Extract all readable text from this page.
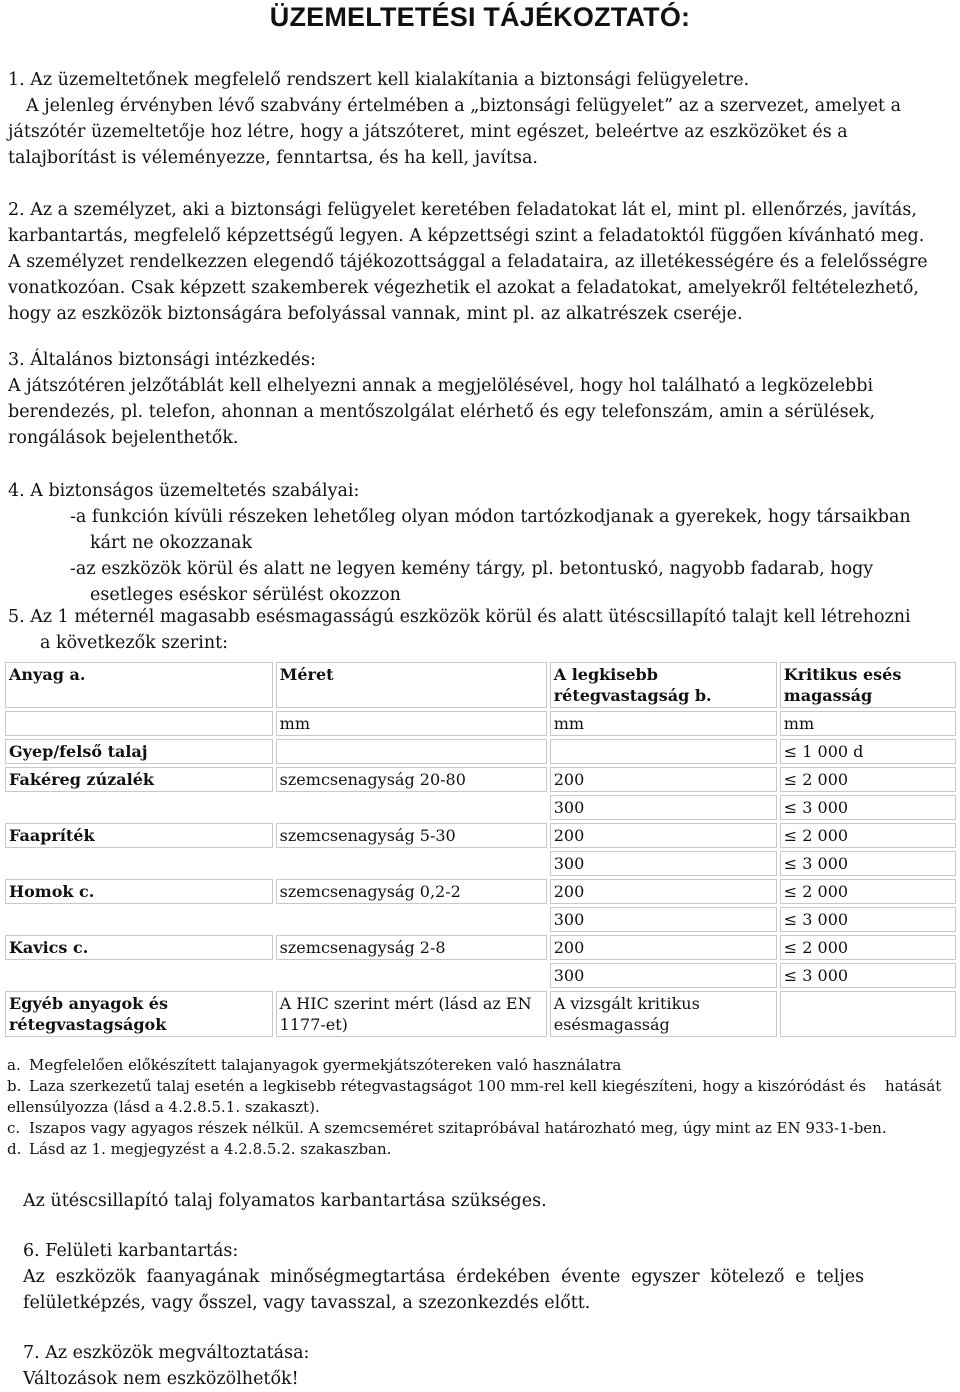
ÜZEMELTETÉSI TÁJÉKOZTATÓ:
1. Az üzemeltetőnek megfelelő rendszert kell kialakítania a biztonsági felügyeletre.
A jelenleg érvényben lévő szabvány értelmében a „biztonsági felügyelet” az a szervezet, amelyet a
játszótér üzemeltetője hoz létre, hogy a játszóteret, mint egészet, beleértve az eszközöket és a
talajborítást is véleményezze, fenntartsa, és ha kell, javítsa.
2. Az a személyzet, aki a biztonsági felügyelet keretében feladatokat lát el, mint pl. ellenőrzés, javítás,
karbantartás, megfelelő képzettségű legyen. A képzettségi szint a feladatoktól függően kívánható meg.
A személyzet rendelkezzen elegendő tájékozottsággal a feladataira, az illetékességére és a felelősségre
vonatkozóan. Csak képzett szakemberek végezhetik el azokat a feladatokat, amelyekről feltételezhető,
hogy az eszközök biztonságára befolyással vannak, mint pl. az alkatrészek cseréje.
3. Általános biztonsági intézkedés:
A játszótéren jelzőtáblát kell elhelyezni annak a megjelölésével, hogy hol található a legközelebbi
berendezés, pl. telefon, ahonnan a mentőszolgálat elérhető és egy telefonszám, amin a sérülések,
rongálások bejelenthetők.
4. A biztonságos üzemeltetés szabályai:
-a funkción kívüli részeken lehetőleg olyan módon tartózkodjanak a gyerekek, hogy társaikban
kárt ne okozzanak
-az eszközök körül és alatt ne legyen kemény tárgy, pl. betontuskó, nagyobb fadarab, hogy
esetleges eséskor sérülést okozzon
5. Az 1 méternél magasabb esésmagasságú eszközök körül és alatt ütéscsillapító talajt kell létrehozni
a következők szerint:
Anyag a.	Méret	A legkisebb rétegvastagság b.	Kritikus esés magasság
	mm	mm	mm
Gyep/felső talaj			≤ 1 000 d
Fakéreg zúzalék	szemcsenagyság 20-80	200	≤ 2 000
		300	≤ 3 000
Faapríték	szemcsenagyság 5-30	200	≤ 2 000
		300	≤ 3 000
Homok c.	szemcsenagyság 0,2-2	200	≤ 2 000
		300	≤ 3 000
Kavics c.	szemcsenagyság 2-8	200	≤ 2 000
		300	≤ 3 000
Egyéb anyagok és rétegvastagságok	A HIC szerint mért (lásd az EN 1177-et)	A vizsgált kritikus esésmagasság	
a. Megfelelően előkészített talajanyagok gyermekjátszótereken való használatra
b. Laza szerkezetű talaj esetén a legkisebb rétegvastagságot 100 mm-rel kell kiegészíteni, hogy a kiszóródást és    hatását
ellensúlyozza (lásd a 4.2.8.5.1. szakaszt).
c. Iszapos vagy agyagos részek nélkül. A szemcseméret szitapróbával határozható meg, úgy mint az EN 933-1-ben.
d. Lásd az 1. megjegyzést a 4.2.8.5.2. szakaszban.
Az ütéscsillapító talaj folyamatos karbantartása szükséges.
6. Felületi karbantartás:
Az eszközök faanyagának minőségmegtartása érdekében évente egyszer kötelező e teljes
felületképzés, vagy ősszel, vagy tavasszal, a szezonkezdés előtt.
7. Az eszközök megváltoztatása:
Változások nem eszközölhetők!
